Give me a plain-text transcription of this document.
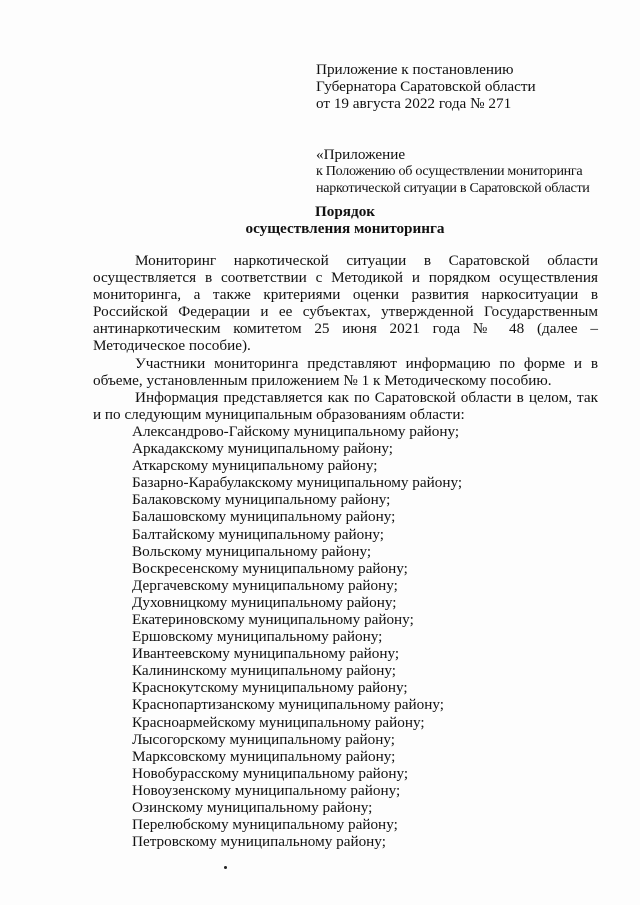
Приложение к постановлению
Губернатора Саратовской области
от 19 августа 2022 года № 271
«Приложение
к Положению об осуществлении мониторинга
наркотической ситуации в Саратовской области
Порядок
осуществления мониторинга

Мониторинг наркотической ситуации в Саратовской области осуществляется в соответствии с Методикой и порядком осуществления мониторинга, а также критериями оценки развития наркоситуации в Российской Федерации и ее субъектах, утвержденной Государственным антинаркотическим комитетом 25 июня 2021 года № 48 (далее – Методическое пособие).

Участники мониторинга представляют информацию по форме и в объеме, установленным приложением № 1 к Методическому пособию.

Информация представляется как по Саратовской области в целом, так и по следующим муниципальным образованиям области:

Александрово-Гайскому муниципальному району;
Аркадакскому муниципальному району;
Аткарскому муниципальному району;
Базарно-Карабулакскому муниципальному району;
Балаковскому муниципальному району;
Балашовскому муниципальному району;
Балтайскому муниципальному району;
Вольскому муниципальному району;
Воскресенскому муниципальному району;
Дергачевскому муниципальному району;
Духовницкому муниципальному району;
Екатериновскому муниципальному району;
Ершовскому муниципальному району;
Ивантеевскому муниципальному району;
Калининскому муниципальному району;
Краснокутскому муниципальному району;
Краснопартизанскому муниципальному району;
Красноармейскому муниципальному району;
Лысогорскому муниципальному району;
Марксовскому муниципальному району;
Новобурасскому муниципальному району;
Новоузенскому муниципальному району;
Озинскому муниципальному району;
Перелюбскому муниципальному району;
Петровскому муниципальному району;
